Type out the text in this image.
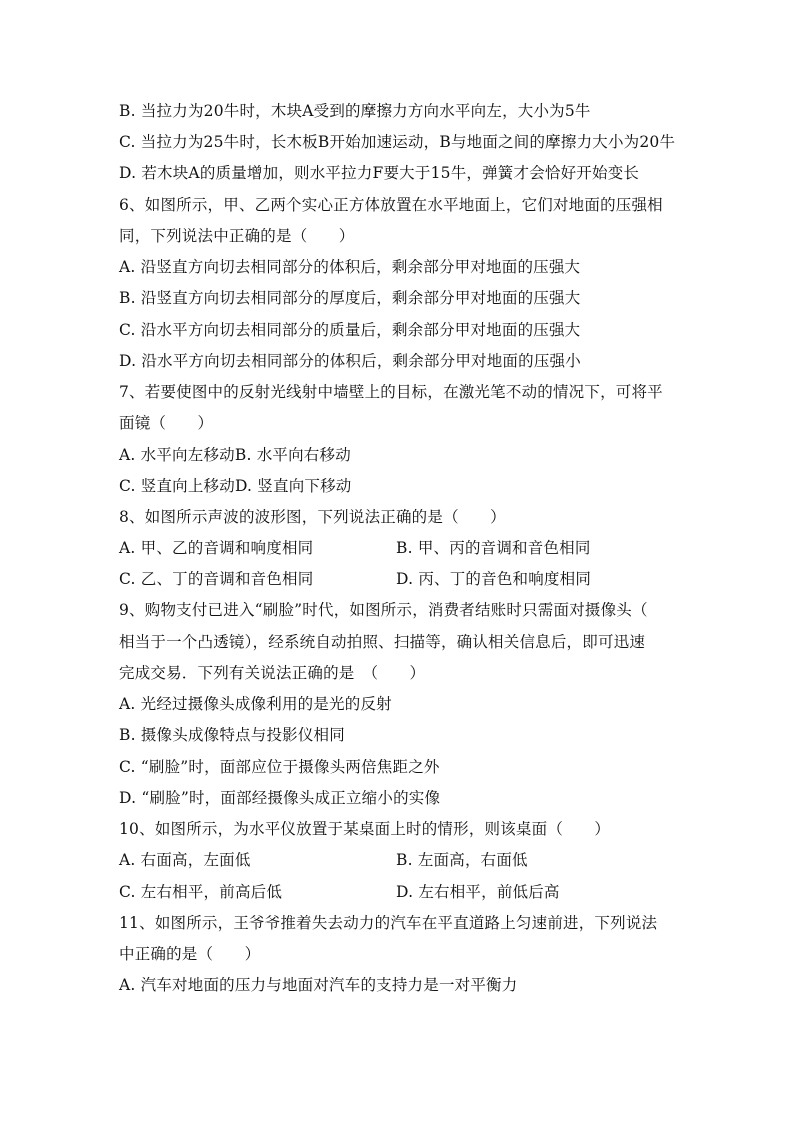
B. 当拉力为20牛时，木块A受到的摩擦力方向水平向左，大小为5牛
C. 当拉力为25牛时，长木板B开始加速运动，B与地面之间的摩擦力大小为20牛
D. 若木块A的质量增加，则水平拉力F要大于15牛，弹簧才会恰好开始变长
6、如图所示，甲、乙两个实心正方体放置在水平地面上，它们对地面的压强相
同，下列说法中正确的是（　　）
A. 沿竖直方向切去相同部分的体积后，剩余部分甲对地面的压强大
B. 沿竖直方向切去相同部分的厚度后，剩余部分甲对地面的压强大
C. 沿水平方向切去相同部分的质量后，剩余部分甲对地面的压强大
D. 沿水平方向切去相同部分的体积后，剩余部分甲对地面的压强小
7、若要使图中的反射光线射中墙壁上的目标，在激光笔不动的情况下，可将平
面镜（　　）
A. 水平向左移动B. 水平向右移动
C. 竖直向上移动D. 竖直向下移动
8、如图所示声波的波形图，下列说法正确的是（　　）
A. 甲、乙的音调和响度相同	B. 甲、丙的音调和音色相同
C. 乙、丁的音调和音色相同	D. 丙、丁的音色和响度相同
9、购物支付已进入“刷脸”时代，如图所示，消费者结账时只需面对摄像头（
相当于一个凸透镜），经系统自动拍照、扫描等，确认相关信息后，即可迅速
完成交易．下列有关说法正确的是　（　　）
A. 光经过摄像头成像利用的是光的反射
B. 摄像头成像特点与投影仪相同
C. “刷脸”时，面部应位于摄像头两倍焦距之外
D. “刷脸”时，面部经摄像头成正立缩小的实像
10、如图所示，为水平仪放置于某桌面上时的情形，则该桌面（　　）
A. 右面高，左面低	B. 左面高，右面低
C. 左右相平，前高后低	D. 左右相平，前低后高
11、如图所示，王爷爷推着失去动力的汽车在平直道路上匀速前进，下列说法
中正确的是（　　）
A. 汽车对地面的压力与地面对汽车的支持力是一对平衡力
